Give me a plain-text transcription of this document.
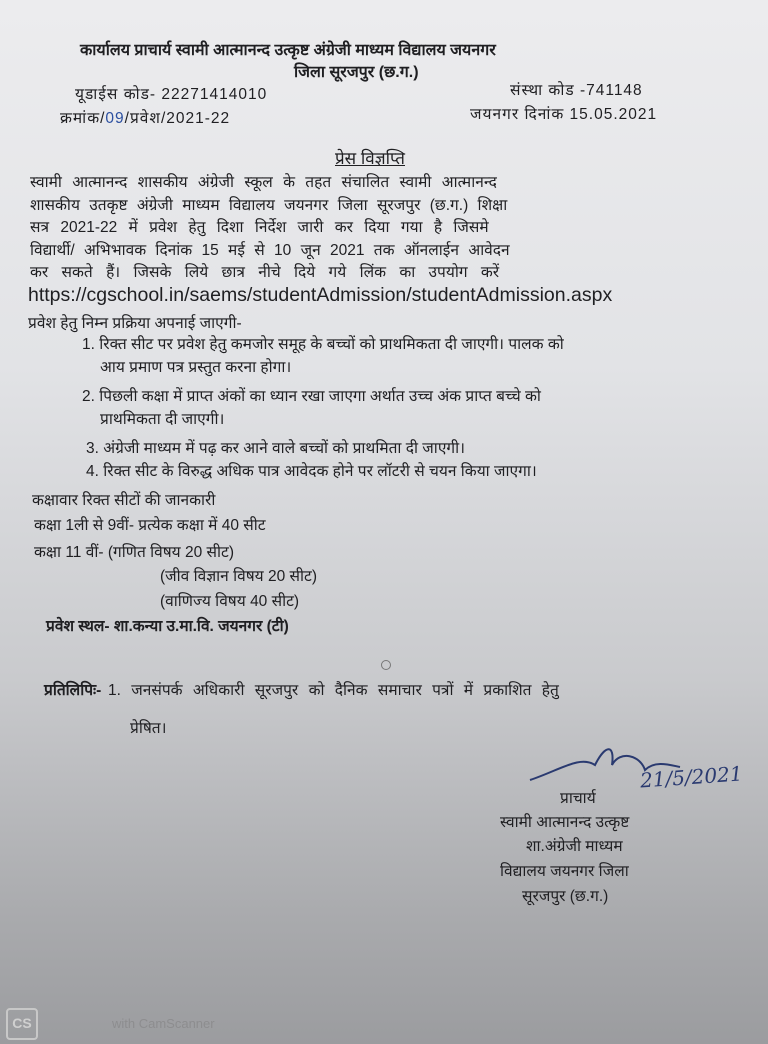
कार्यालय प्राचार्य स्वामी आत्मानन्द उत्कृष्ट अंग्रेजी माध्यम विद्यालय जयनगर
जिला सूरजपुर (छ.ग.)
यूडाईस कोड- 22271414010	संस्था कोड -741148
क्रमांक/09/प्रवेश/2021-22	जयनगर दिनांक 15.05.2021
प्रेस विज्ञप्ति
स्वामी आत्मानन्द शासकीय अंग्रेजी स्कूल के तहत संचालित स्वामी आत्मानन्द
शासकीय उतकृष्ट अंग्रेजी माध्यम विद्यालय जयनगर जिला सूरजपुर (छ.ग.) शिक्षा
सत्र 2021-22 में प्रवेश हेतु दिशा निर्देश जारी कर दिया गया है जिसमे
विद्यार्थी/ अभिभावक दिनांक 15 मई से 10 जून 2021 तक ऑनलाईन आवेदन
कर सकते हैं। जिसके लिये छात्र नीचे दिये गये लिंक का उपयोग करें
https://cgschool.in/saems/studentAdmission/studentAdmission.aspx
प्रवेश हेतु निम्न प्रक्रिया अपनाई जाएगी-
1. रिक्त सीट पर प्रवेश हेतु कमजोर समूह के बच्चों को प्राथमिकता दी जाएगी। पालक को
आय प्रमाण पत्र प्रस्तुत करना होगा।
2. पिछली कक्षा में प्राप्त अंकों का ध्यान रखा जाएगा अर्थात उच्च अंक प्राप्त बच्चे को
प्राथमिकता दी जाएगी।
3. अंग्रेजी माध्यम में पढ़ कर आने वाले बच्चों को प्राथमिता दी जाएगी।
4. रिक्त सीट के विरुद्ध अधिक पात्र आवेदक होने पर लॉटरी से चयन किया जाएगा।
कक्षावार रिक्त सीटों की जानकारी
कक्षा 1ली से 9वीं- प्रत्येक कक्षा में 40 सीट
कक्षा 11 वीं- (गणित विषय 20 सीट)
(जीव विज्ञान विषय 20 सीट)
(वाणिज्य विषय 40 सीट)
प्रवेश स्थल- शा.कन्या उ.मा.वि. जयनगर (टी)
प्रतिलिपिः- 1. जनसंपर्क अधिकारी सूरजपुर को दैनिक समाचार पत्रों में प्रकाशित हेतु
प्रेषित।
21/5/2021
प्राचार्य
स्वामी आत्मानन्द उत्कृष्ट
शा.अंग्रेजी माध्यम
विद्यालय जयनगर जिला
सूरजपुर (छ.ग.)
CS	with CamScanner
